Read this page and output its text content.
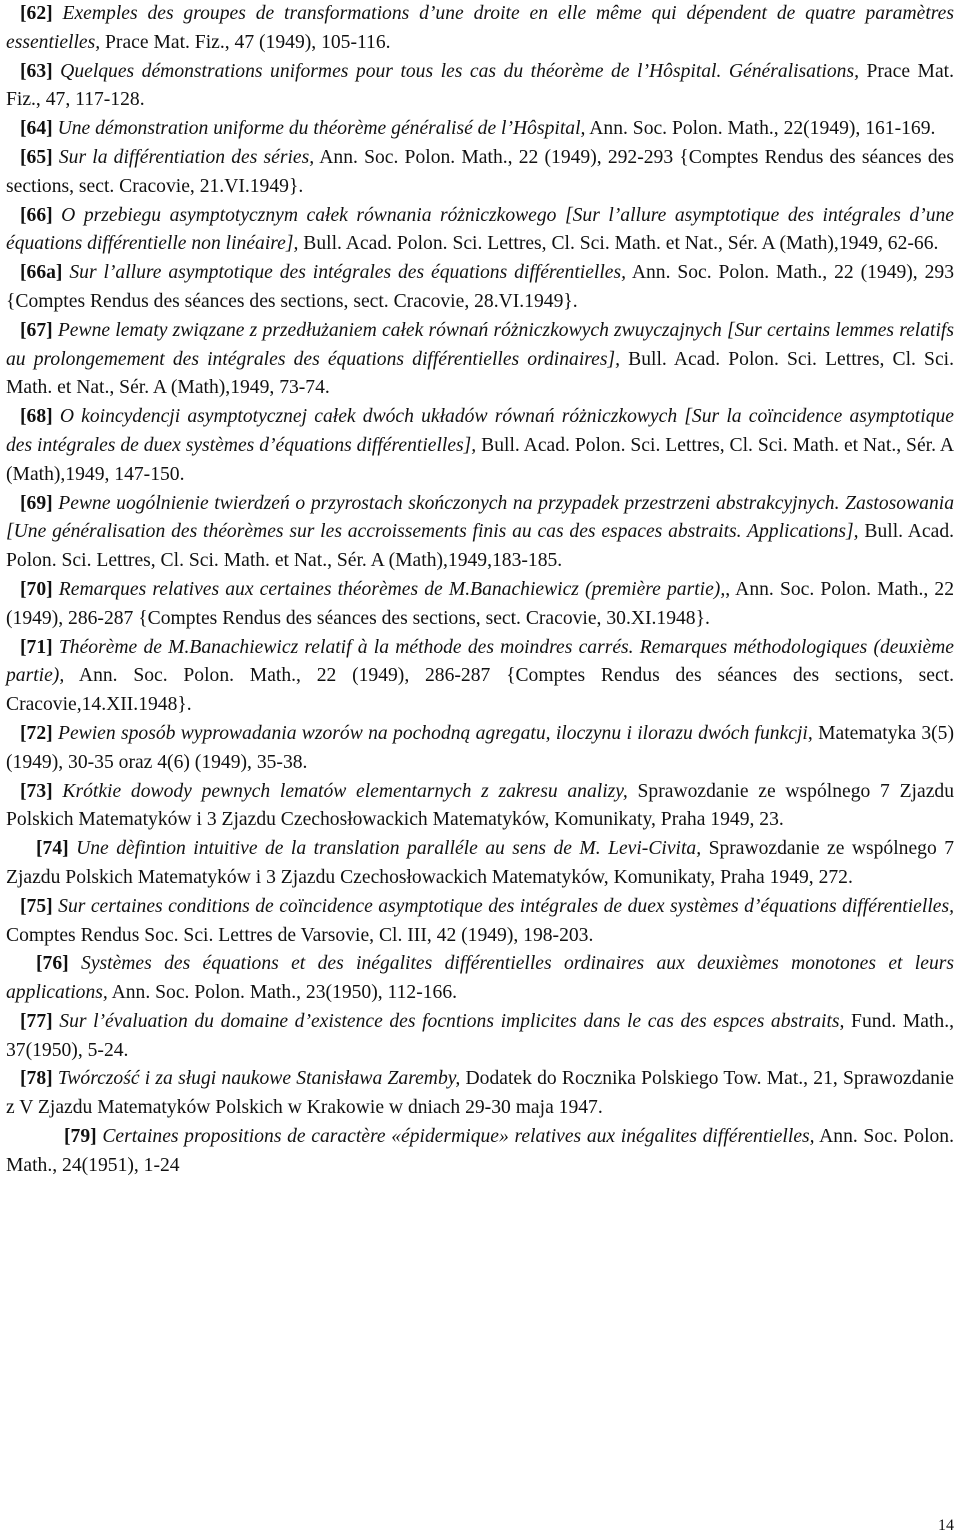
[62] Exemples des groupes de transformations d’une droite en elle même qui dépendent de quatre paramètres essentielles, Prace Mat. Fiz., 47 (1949), 105-116.

[63] Quelques démonstrations uniformes pour tous les cas du théorème de l’Hôspital. Généralisations, Prace Mat. Fiz., 47, 117-128.

[64] Une démonstration uniforme du théorème généralisé de l’Hôspital, Ann. Soc. Polon. Math., 22(1949), 161-169.

[65] Sur la différentiation des séries, Ann. Soc. Polon. Math., 22 (1949), 292-293 {Comptes Rendus des séances des sections, sect. Cracovie, 21.VI.1949}.

[66] O przebiegu asymptotycznym całek równania różniczkowego [Sur l’allure asymptotique des intégrales d’une équations différentielle non linéaire], Bull. Acad. Polon. Sci. Lettres, Cl. Sci. Math. et Nat., Sér. A (Math),1949, 62-66.

[66a] Sur l’allure asymptotique des intégrales des équations différentielles, Ann. Soc. Polon. Math., 22 (1949), 293 {Comptes Rendus des séances des sections, sect. Cracovie, 28.VI.1949}.

[67] Pewne lematy związane z przedłużaniem całek równań różniczkowych zwuyczajnych [Sur certains lemmes relatifs au prolongemement des intégrales des équations différentielles ordinaires], Bull. Acad. Polon. Sci. Lettres, Cl. Sci. Math. et Nat., Sér. A (Math),1949, 73-74.

[68] O koincydencji asymptotycznej całek dwóch układów równań różniczkowych [Sur la coïncidence asymptotique des intégrales de duex systèmes d’équations différentielles], Bull. Acad. Polon. Sci. Lettres, Cl. Sci. Math. et Nat., Sér. A (Math),1949, 147-150.

[69] Pewne uogólnienie twierdzeń o przyrostach skończonych na przypadek przestrzeni abstrakcyjnych. Zastosowania [Une généralisation des théorèmes sur les accroissements finis au cas des espaces abstraits. Applications], Bull. Acad. Polon. Sci. Lettres, Cl. Sci. Math. et Nat., Sér. A (Math),1949,183-185.

[70] Remarques relatives aux certaines théorèmes de M.Banachiewicz (première partie),, Ann. Soc. Polon. Math., 22 (1949), 286-287 {Comptes Rendus des séances des sections, sect. Cracovie, 30.XI.1948}.

[71] Théorème de M.Banachiewicz relatif à la méthode des moindres carrés. Remarques méthodologiques (deuxième partie), Ann. Soc. Polon. Math., 22 (1949), 286-287 {Comptes Rendus des séances des sections, sect. Cracovie,14.XII.1948}.

[72] Pewien sposób wyprowadania wzorów na pochodną agregatu, iloczynu i ilorazu dwóch funkcji, Matematyka 3(5) (1949), 30-35 oraz 4(6) (1949), 35-38.

[73] Krótkie dowody pewnych lematów elementarnych z zakresu analizy, Sprawozdanie ze wspólnego 7 Zjazdu Polskich Matematyków i 3 Zjazdu Czechosłowackich Matematyków, Komunikaty, Praha 1949, 23.

[74] Une dèfintion intuitive de la translation paralléle au sens de M. Levi-Civita, Sprawozdanie ze wspólnego 7 Zjazdu Polskich Matematyków i 3 Zjazdu Czechosłowackich Matematyków, Komunikaty, Praha 1949, 272.

[75] Sur certaines conditions de coïncidence asymptotique des intégrales de duex systèmes d’équations différentielles, Comptes Rendus Soc. Sci. Lettres de Varsovie, Cl. III, 42 (1949), 198-203.

[76] Systèmes des équations et des inégalites différentielles ordinaires aux deuxièmes monotones et leurs applications, Ann. Soc. Polon. Math., 23(1950), 112-166.

[77] Sur l’évaluation du domaine d’existence des focntions implicites dans le cas des espces abstraits, Fund. Math., 37(1950), 5-24.

[78] Twórczość i za sługi naukowe Stanisława Zaremby, Dodatek do Rocznika Polskiego Tow. Mat., 21, Sprawozdanie z V Zjazdu Matematyków Polskich w Krakowie w dniach 29-30 maja 1947.

[79] Certaines propositions de caractère «épidermique» relatives aux inégalites différentielles, Ann. Soc. Polon. Math., 24(1951), 1-24

14
